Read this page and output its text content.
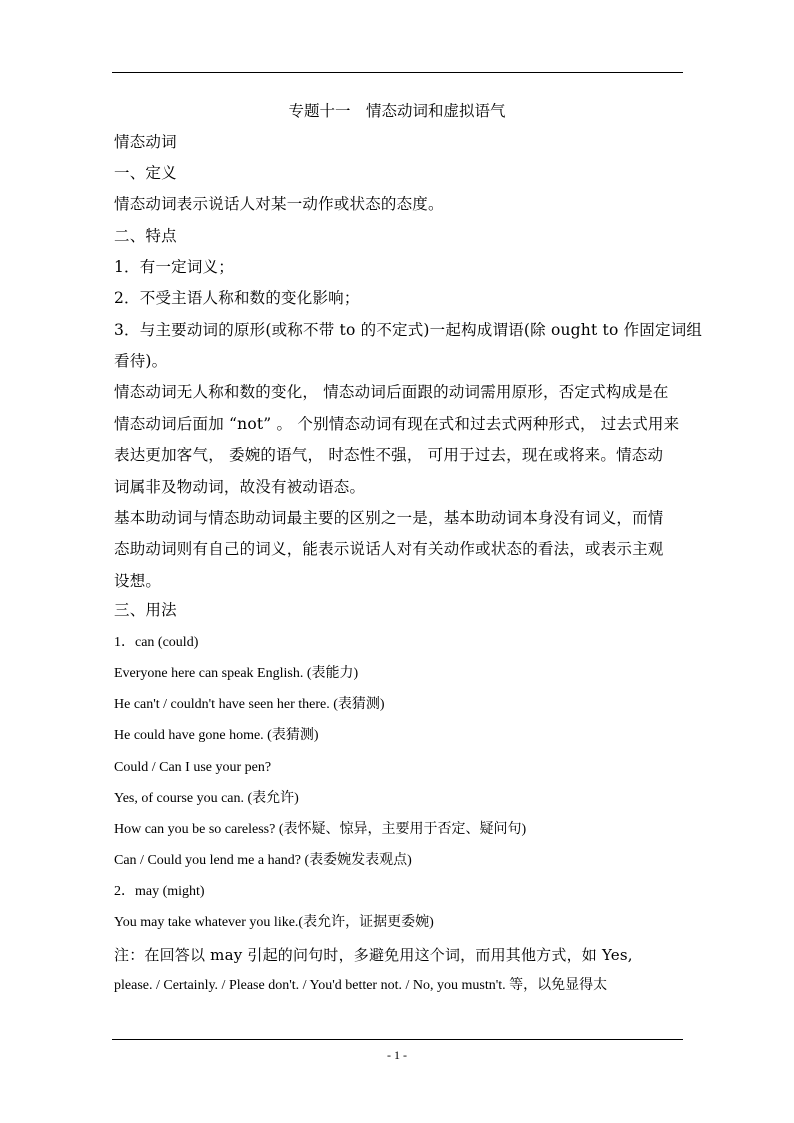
专题十一　情态动词和虚拟语气
情态动词
一、定义
情态动词表示说话人对某一动作或状态的态度。
二、特点
1．有一定词义；
2．不受主语人称和数的变化影响；
3．与主要动词的原形(或称不带 to 的不定式)一起构成谓语(除 ought to 作固定词组
看待)。
情态动词无人称和数的变化， 情态动词后面跟的动词需用原形，否定式构成是在
情态动词后面加 “not” 。 个别情态动词有现在式和过去式两种形式， 过去式用来
表达更加客气， 委婉的语气， 时态性不强， 可用于过去，现在或将来。情态动
词属非及物动词，故没有被动语态。
基本助动词与情态助动词最主要的区别之一是，基本助动词本身没有词义，而情
态助动词则有自己的词义，能表示说话人对有关动作或状态的看法，或表示主观
设想。
三、用法
1．can (could)
Everyone here can speak English. (表能力)
He can't / couldn't have seen her there. (表猜测)
He could have gone home. (表猜测)
Could / Can I use your pen?
Yes, of course you can. (表允许)
How can you be so careless? (表怀疑、惊异，主要用于否定、疑问句)
Can / Could you lend me a hand? (表委婉发表观点)
2．may (might)
You may take whatever you like.(表允许，证据更委婉)
注：在回答以 may 引起的问句时，多避免用这个词，而用其他方式，如 Yes,
please. / Certainly. / Please don't. / You'd better not. / No, you mustn't. 等，以免显得太
- 1 -
